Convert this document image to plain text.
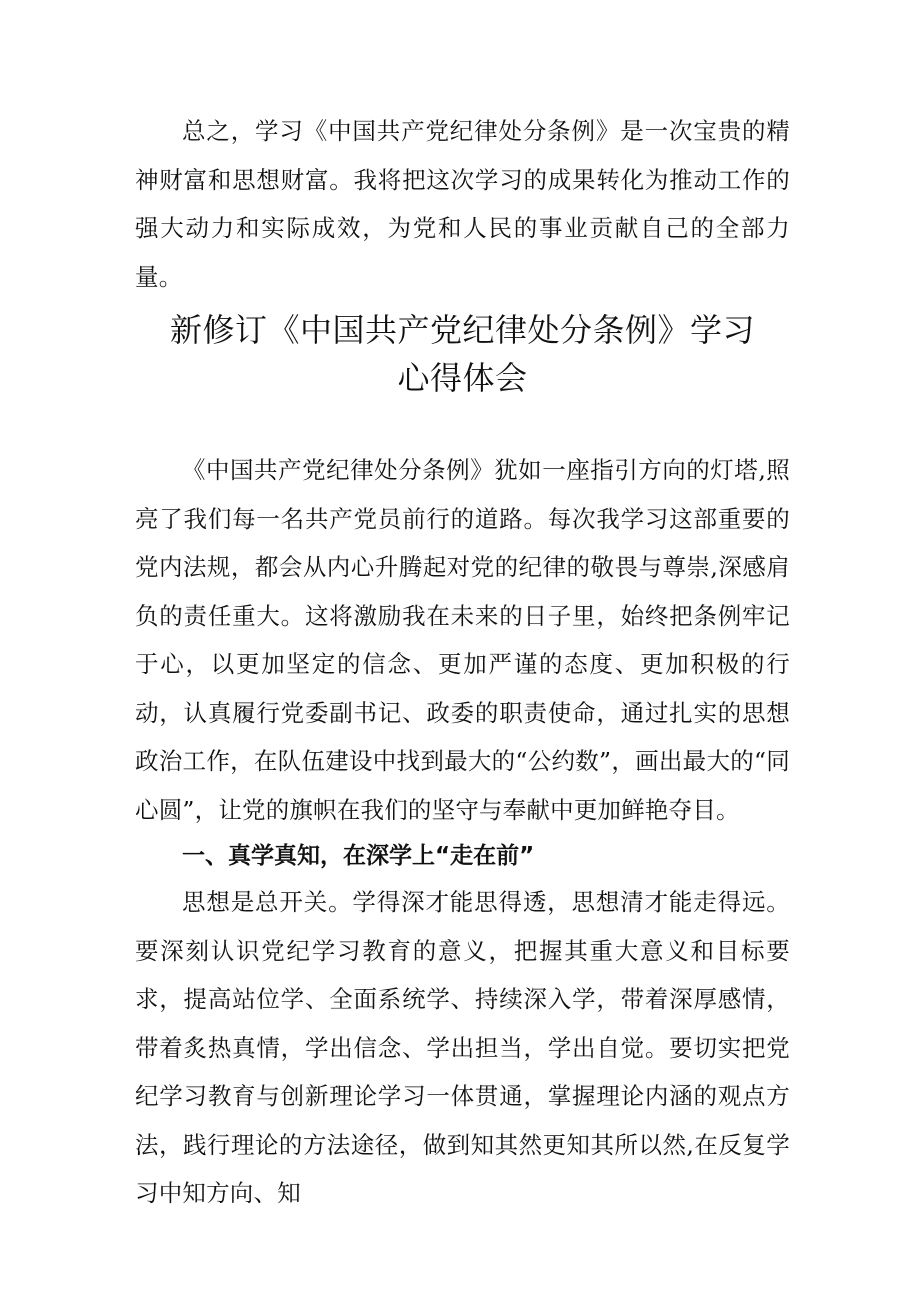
总之，学习《中国共产党纪律处分条例》是一次宝贵的精神财富和思想财富。我将把这次学习的成果转化为推动工作的强大动力和实际成效，为党和人民的事业贡献自己的全部力量。

新修订《中国共产党纪律处分条例》学习
心得体会

《中国共产党纪律处分条例》犹如一座指引方向的灯塔,照亮了我们每一名共产党员前行的道路。每次我学习这部重要的党内法规，都会从内心升腾起对党的纪律的敬畏与尊崇,深感肩负的责任重大。这将激励我在未来的日子里，始终把条例牢记于心，以更加坚定的信念、更加严谨的态度、更加积极的行动，认真履行党委副书记、政委的职责使命，通过扎实的思想政治工作，在队伍建设中找到最大的“公约数”，画出最大的“同心圆”，让党的旗帜在我们的坚守与奉献中更加鲜艳夺目。

一、真学真知，在深学上“走在前”

思想是总开关。学得深才能思得透，思想清才能走得远。要深刻认识党纪学习教育的意义，把握其重大意义和目标要求，提高站位学、全面系统学、持续深入学，带着深厚感情，带着炙热真情，学出信念、学出担当，学出自觉。要切实把党纪学习教育与创新理论学习一体贯通，掌握理论内涵的观点方法，践行理论的方法途径，做到知其然更知其所以然,在反复学习中知方向、知
